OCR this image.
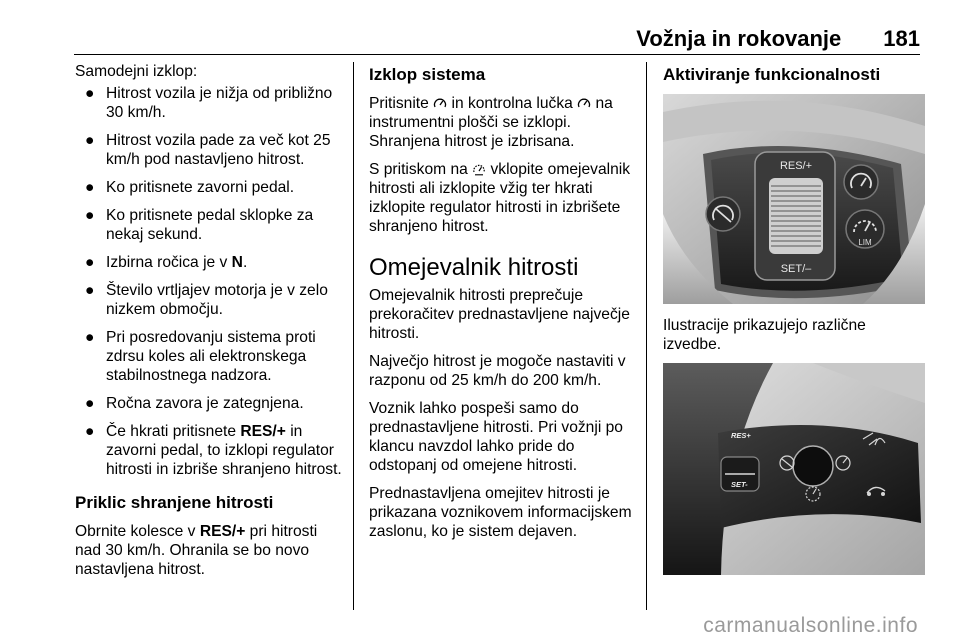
Vožnja in rokovanje 181

Samodejni izklop:

● Hitrost vozila je nižja od približno 30 km/h.
● Hitrost vozila pade za več kot 25 km/h pod nastavljeno hitrost.
● Ko pritisnete zavorni pedal.
● Ko pritisnete pedal sklopke za nekaj sekund.
● Izbirna ročica je v N.
● Število vrtljajev motorja je v zelo nizkem območju.
● Pri posredovanju sistema proti zdrsu koles ali elektronskega stabilnostnega nadzora.
● Ročna zavora je zategnjena.
● Če hkrati pritisnete RES/+ in zavorni pedal, to izklopi regulator hitrosti in izbriše shranjeno hitrost.
Priklic shranjene hitrosti

Obrnite kolesce v RES/+ pri hitrosti nad 30 km/h. Ohranila se bo novo nastavljena hitrost.

Izklop sistema

Pritisnite  in kontrolna lučka  na instrumentni plošči se izklopi. Shranjena hitrost je izbrisana.

S pritiskom na  vklopite omejevalnik hitrosti ali izklopite vžig ter hkrati izklopite regulator hitrosti in izbrišete shranjeno hitrost.

Omejevalnik hitrosti

Omejevalnik hitrosti preprečuje prekoračitev prednastavljene največje hitrosti.

Največjo hitrost je mogoče nastaviti v razponu od 25 km/h do 200 km/h.

Voznik lahko pospeši samo do prednastavljene hitrosti. Pri vožnji po klancu navzdol lahko pride do odstopanj od omejene hitrosti.

Prednastavljena omejitev hitrosti je prikazana voznikovem informacijskem zaslonu, ko je sistem dejaven.

Aktiviranje funkcionalnosti
RES/+
SET/–
LIM

Ilustracije prikazujejo različne izvedbe.

RES+
SET-
carmanualsonline.info
